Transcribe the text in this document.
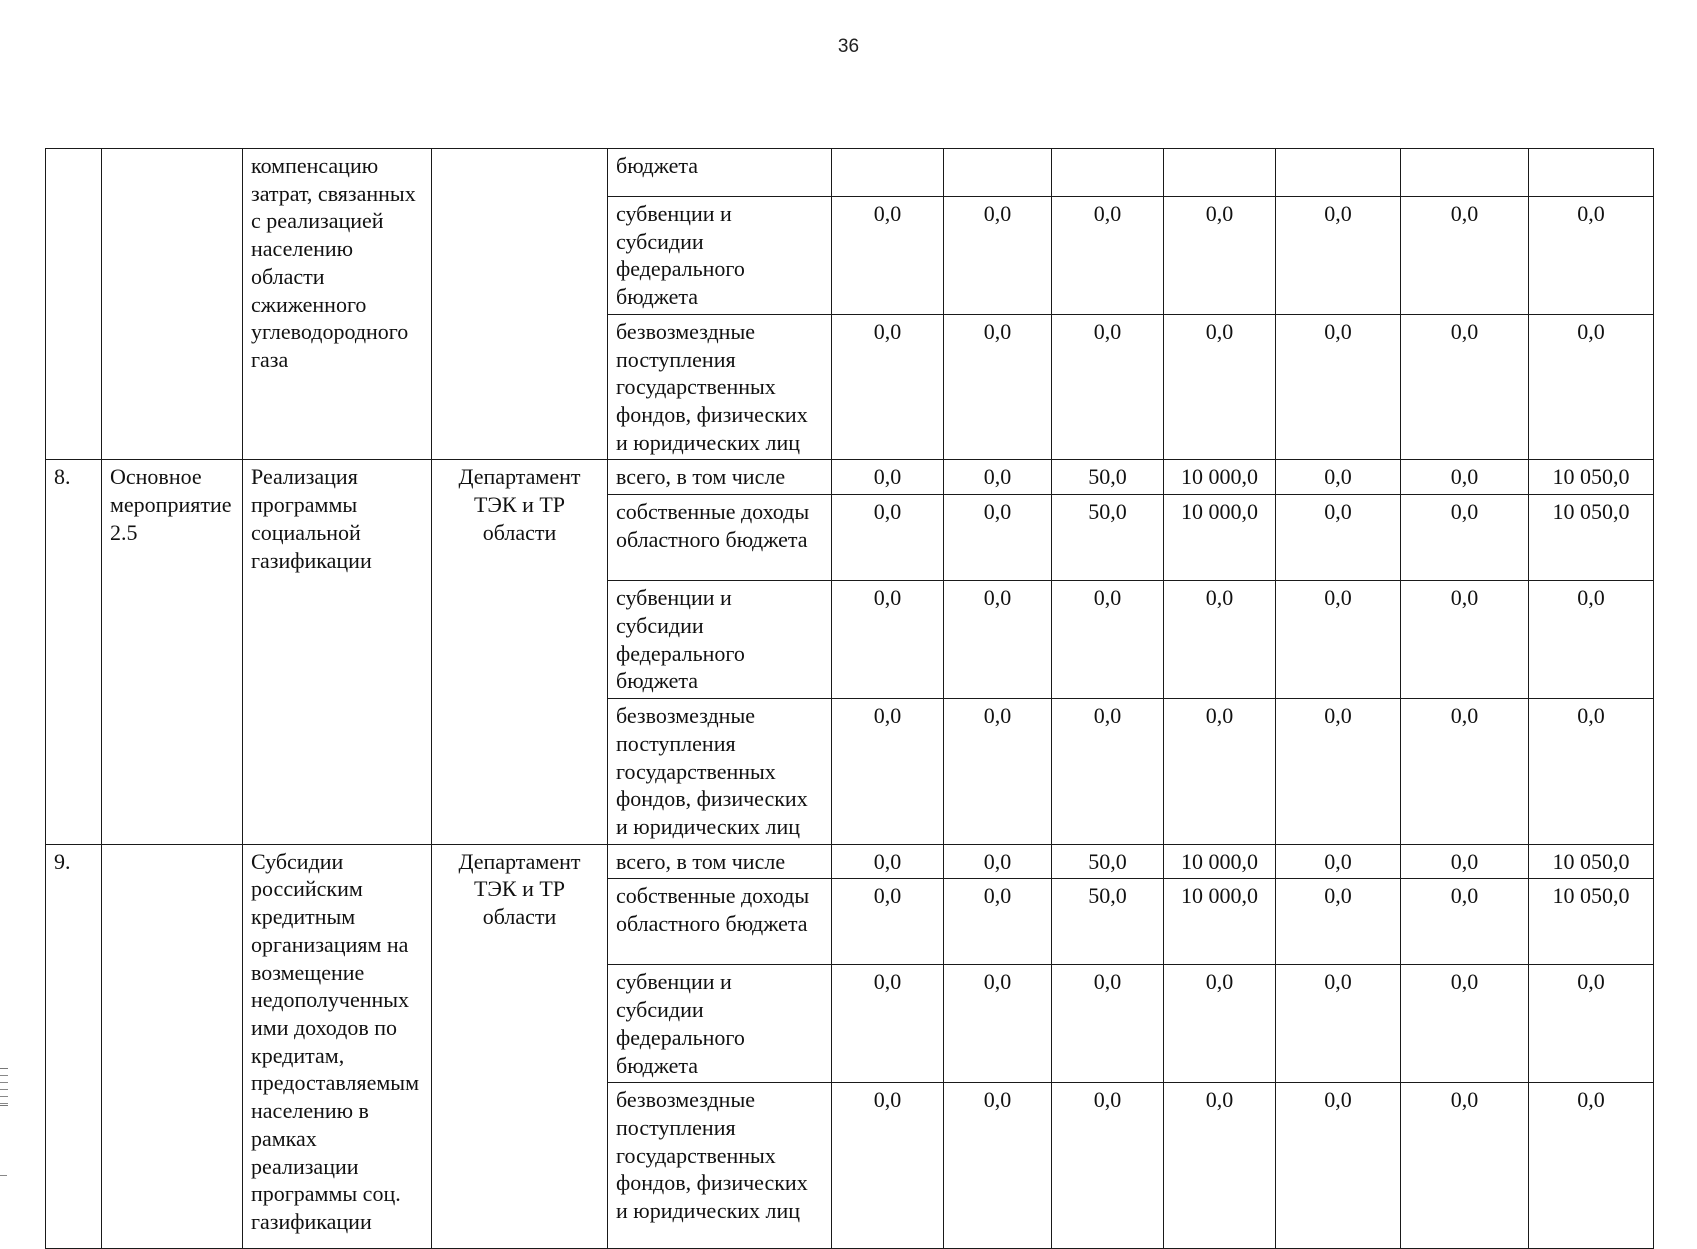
36
		компенсацию затрат, связанных с реализацией населению области сжиженного углеводородного газа		бюджета							
				субвенции и субсидии федерального бюджета	0,0	0,0	0,0	0,0	0,0	0,0	0,0
				безвозмездные поступления государственных фондов, физических и юридических лиц	0,0	0,0	0,0	0,0	0,0	0,0	0,0
8.	Основное мероприятие 2.5	Реализация программы социальной газификации	Департамент ТЭК и ТР области	всего, в том числе	0,0	0,0	50,0	10 000,0	0,0	0,0	10 050,0
				собственные доходы областного бюджета	0,0	0,0	50,0	10 000,0	0,0	0,0	10 050,0
				субвенции и субсидии федерального бюджета	0,0	0,0	0,0	0,0	0,0	0,0	0,0
				безвозмездные поступления государственных фондов, физических и юридических лиц	0,0	0,0	0,0	0,0	0,0	0,0	0,0
9.		Субсидии российским кредитным организациям на возмещение недополученных ими доходов по кредитам, предоставляемым населению в рамках реализации программы соц. газификации	Департамент ТЭК и ТР области	всего, в том числе	0,0	0,0	50,0	10 000,0	0,0	0,0	10 050,0
				собственные доходы областного бюджета	0,0	0,0	50,0	10 000,0	0,0	0,0	10 050,0
				субвенции и субсидии федерального бюджета	0,0	0,0	0,0	0,0	0,0	0,0	0,0
				безвозмездные поступления государственных фондов, физических и юридических лиц	0,0	0,0	0,0	0,0	0,0	0,0	0,0
